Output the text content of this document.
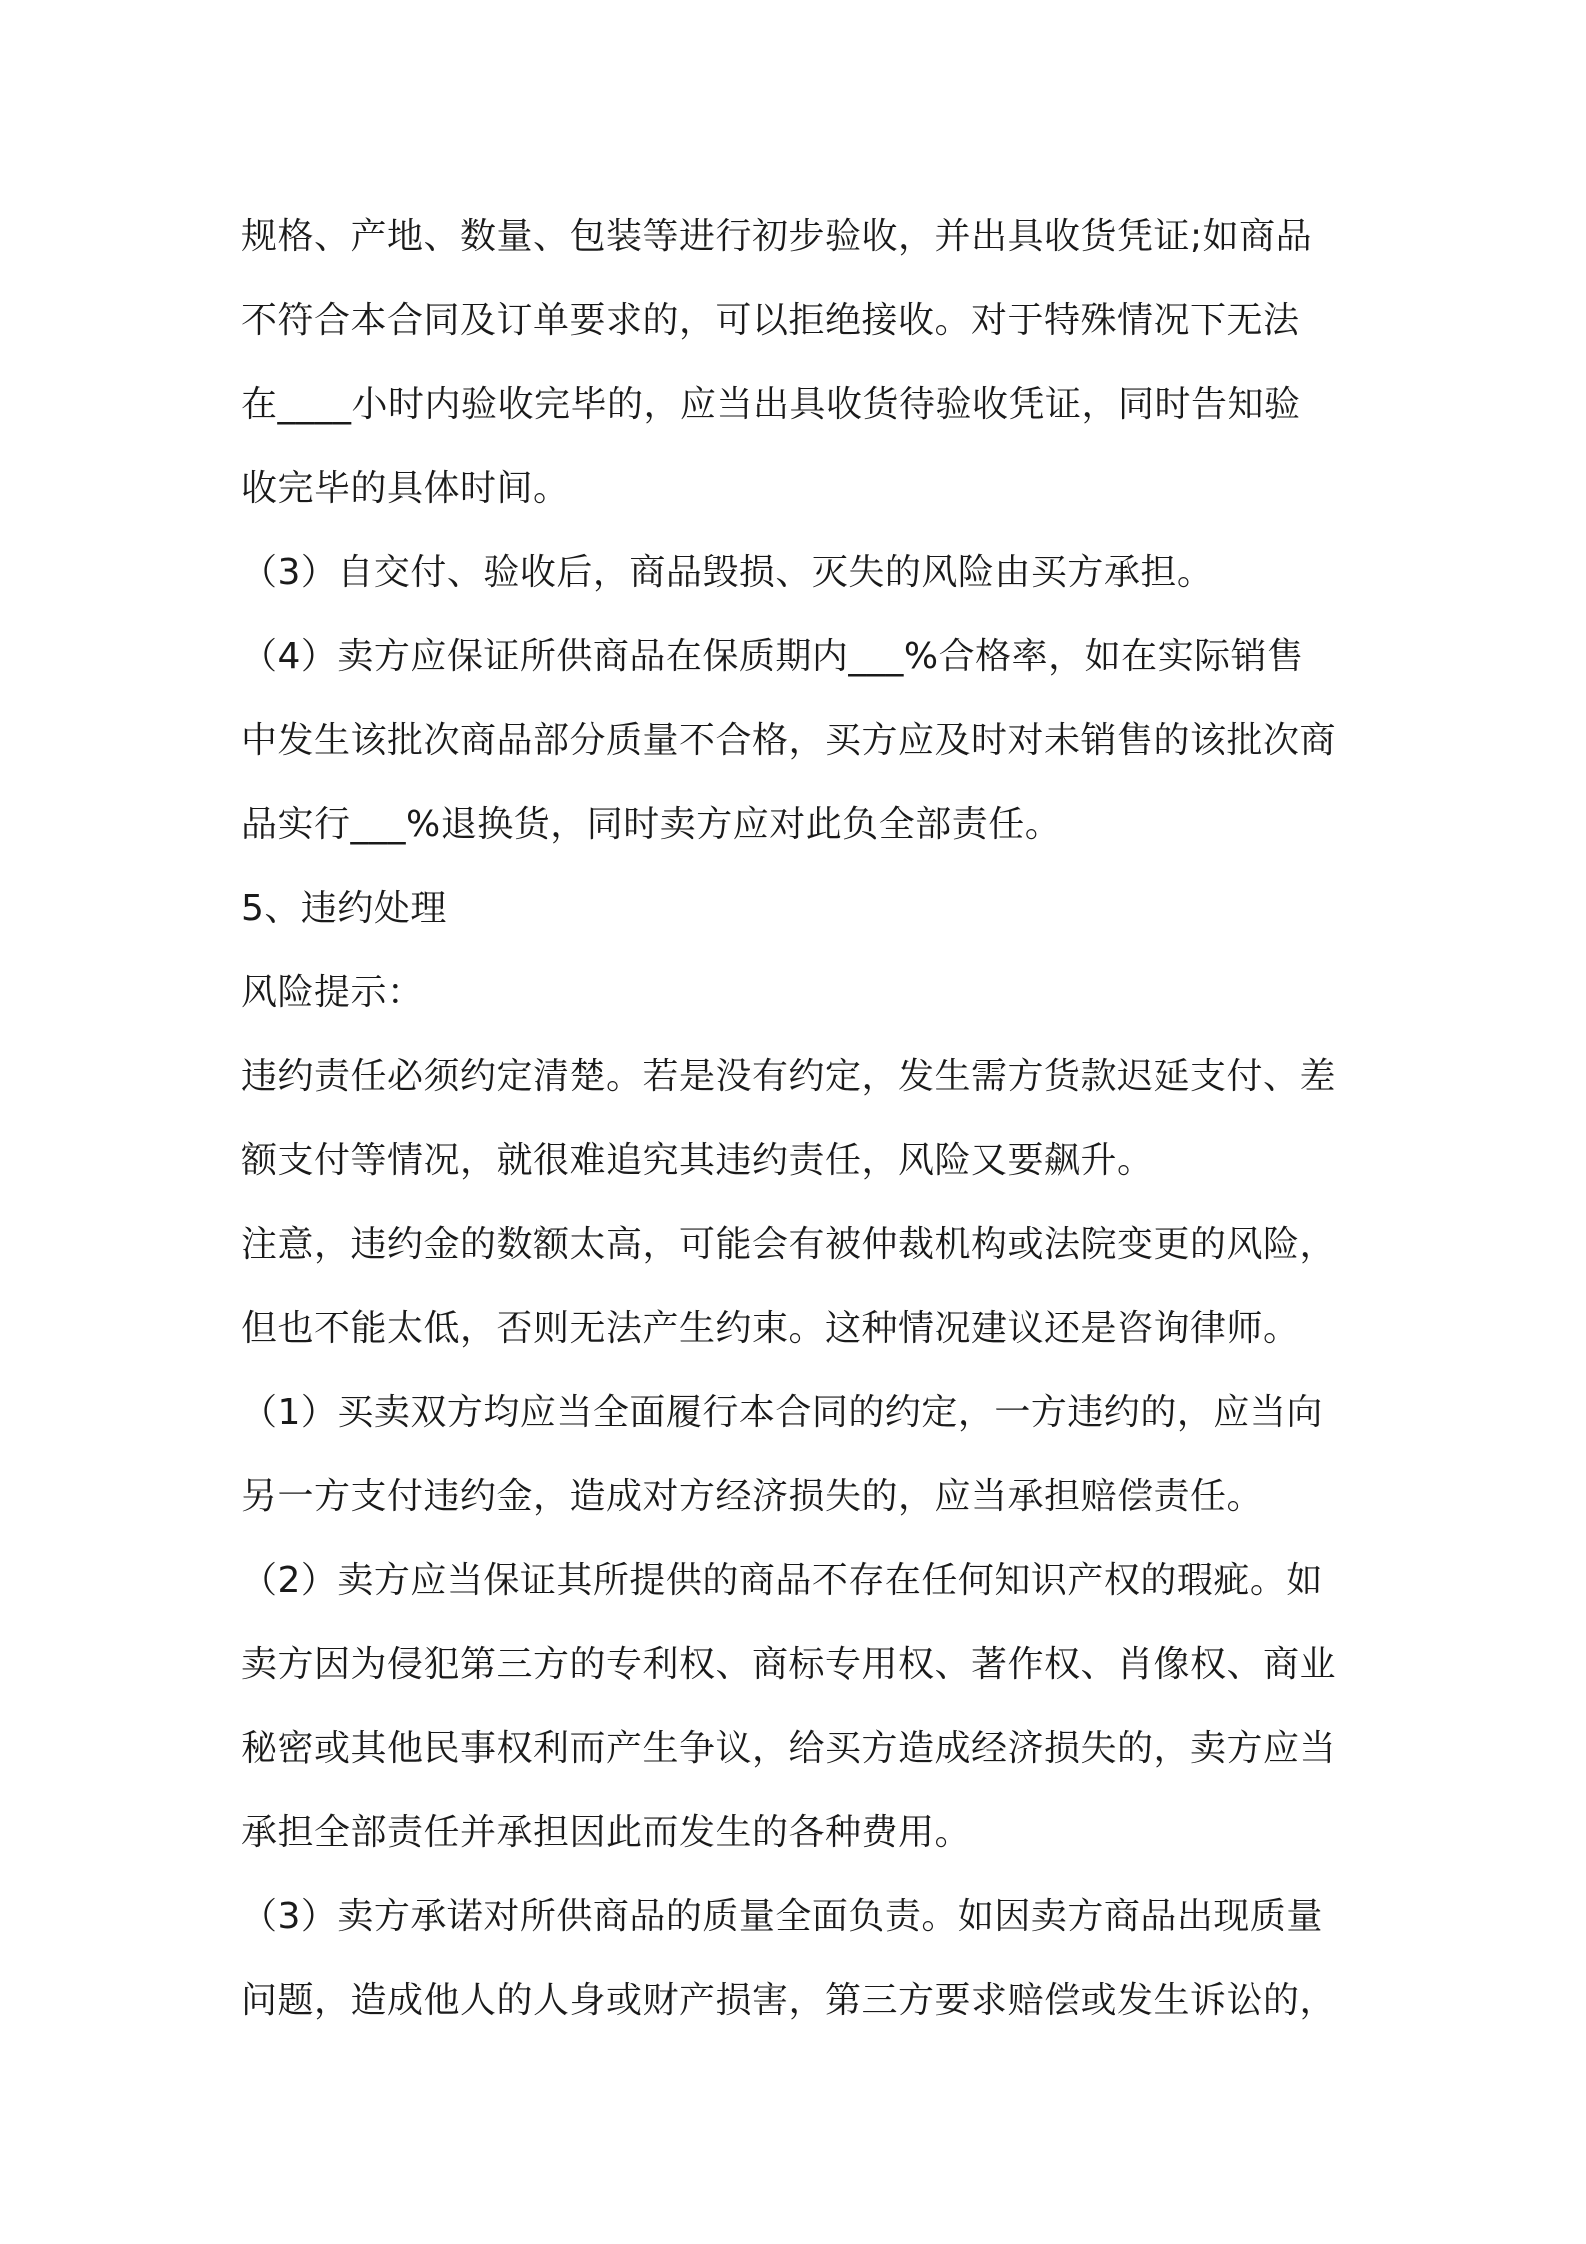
规格、产地、数量、包装等进行初步验收，并出具收货凭证;如商品
不符合本合同及订单要求的，可以拒绝接收。对于特殊情况下无法
在____小时内验收完毕的，应当出具收货待验收凭证，同时告知验
收完毕的具体时间。
（3）自交付、验收后，商品毁损、灭失的风险由买方承担。
（4）卖方应保证所供商品在保质期内___%合格率，如在实际销售
中发生该批次商品部分质量不合格，买方应及时对未销售的该批次商
品实行___%退换货，同时卖方应对此负全部责任。
5、违约处理
风险提示：
违约责任必须约定清楚。若是没有约定，发生需方货款迟延支付、差
额支付等情况，就很难追究其违约责任，风险又要飙升。
注意，违约金的数额太高，可能会有被仲裁机构或法院变更的风险，
但也不能太低，否则无法产生约束。这种情况建议还是咨询律师。
（1）买卖双方均应当全面履行本合同的约定，一方违约的，应当向
另一方支付违约金，造成对方经济损失的，应当承担赔偿责任。
（2）卖方应当保证其所提供的商品不存在任何知识产权的瑕疵。如
卖方因为侵犯第三方的专利权、商标专用权、著作权、肖像权、商业
秘密或其他民事权利而产生争议，给买方造成经济损失的，卖方应当
承担全部责任并承担因此而发生的各种费用。
（3）卖方承诺对所供商品的质量全面负责。如因卖方商品出现质量
问题，造成他人的人身或财产损害，第三方要求赔偿或发生诉讼的，
